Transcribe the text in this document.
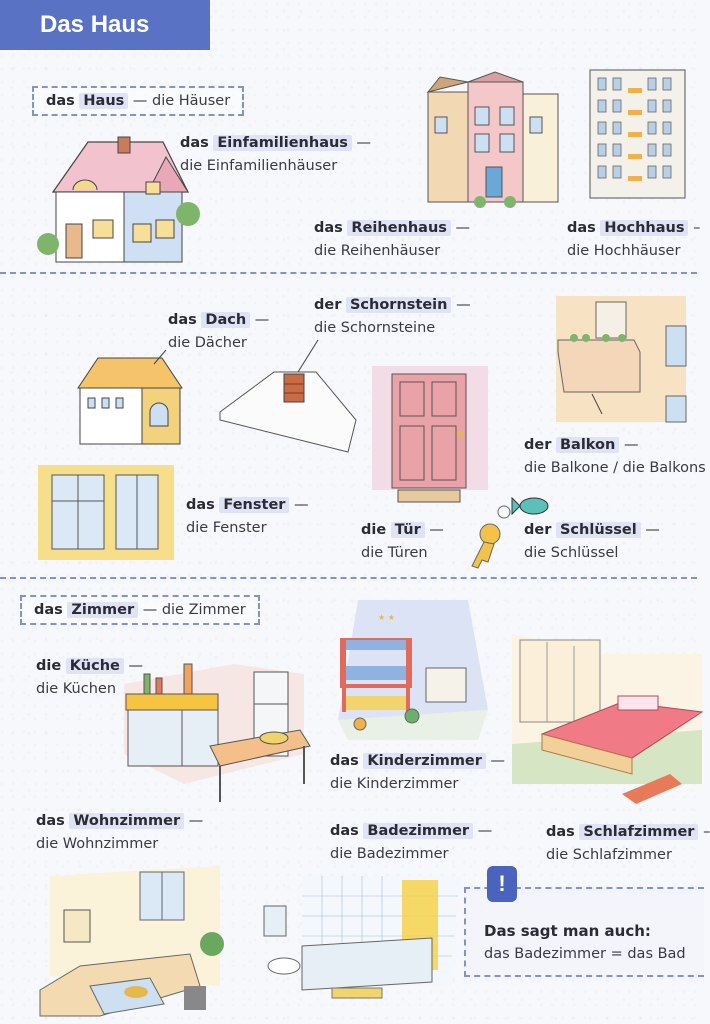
Das Haus
das Haus — die Häuser
das Einfamilienhaus —
die Einfamilienhäuser
das Reihenhaus —
die Reihenhäuser
das Hochhaus –
die Hochhäuser
das Dach —
die Dächer
der Schornstein —
die Schornsteine
der Balkon —
die Balkone / die Balkons
das Fenster —
die Fenster	die Tür —
die Türen
der Schlüssel —
die Schlüssel
das Zimmer — die Zimmer
die Küche —
die Küchen
das Kinderzimmer —
die Kinderzimmer
das Wohnzimmer —
die Wohnzimmer
das Badezimmer —
die Badezimmer
das Schlafzimmer –
die Schlafzimmer
★ ★
!
Das sagt man auch:
das Badezimmer = das Bad
